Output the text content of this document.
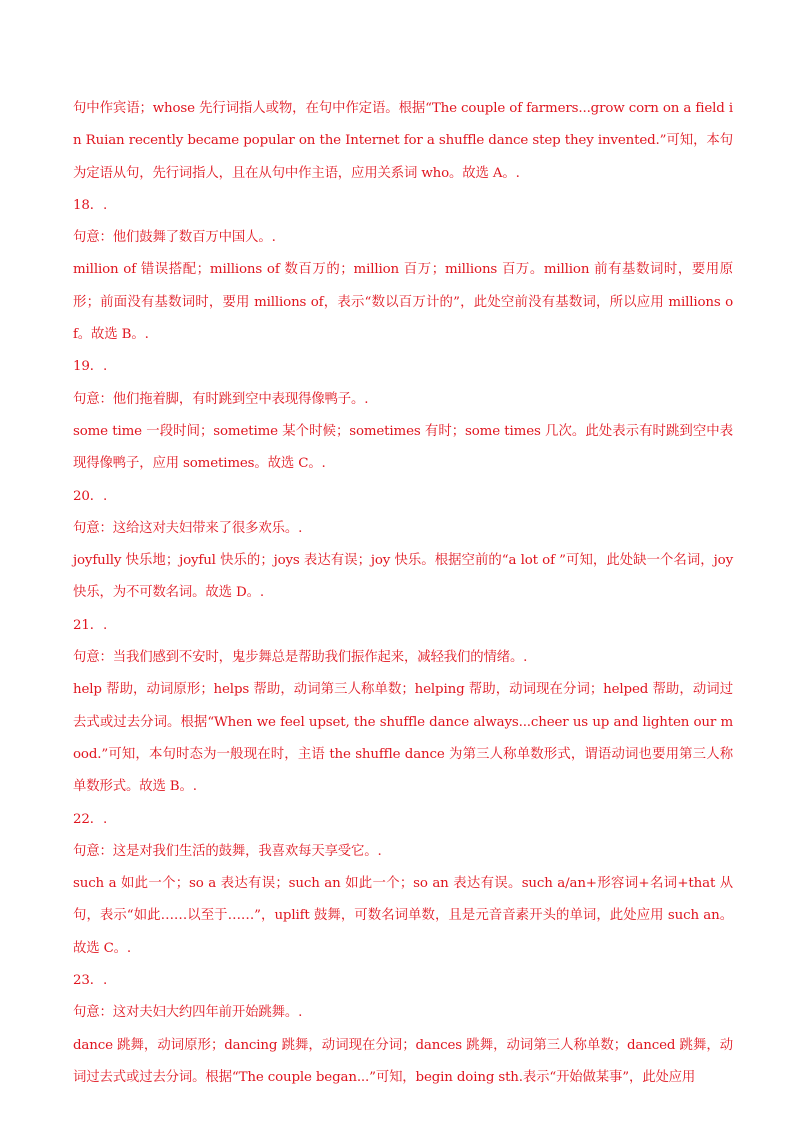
句中作宾语；whose 先行词指人或物，在句中作定语。根据“The couple of farmers...grow corn on a field in Ruian recently became popular on the Internet for a shuffle dance step they invented.”可知，本句为定语从句，先行词指人，且在从句中作主语，应用关系词 who。故选 A。.

18．.

句意：他们鼓舞了数百万中国人。.

million of 错误搭配；millions of 数百万的；million 百万；millions 百万。million 前有基数词时，要用原形；前面没有基数词时，要用 millions of，表示“数以百万计的”，此处空前没有基数词，所以应用 millions of。故选 B。.

19．.

句意：他们拖着脚，有时跳到空中表现得像鸭子。.

some time 一段时间；sometime 某个时候；sometimes 有时；some times 几次。此处表示有时跳到空中表现得像鸭子，应用 sometimes。故选 C。.

20．.

句意：这给这对夫妇带来了很多欢乐。.

joyfully 快乐地；joyful 快乐的；joys 表达有误；joy 快乐。根据空前的“a lot of ”可知，此处缺一个名词，joy 快乐，为不可数名词。故选 D。.

21．.

句意：当我们感到不安时，鬼步舞总是帮助我们振作起来，减轻我们的情绪。.

help 帮助，动词原形；helps 帮助，动词第三人称单数；helping 帮助，动词现在分词；helped 帮助，动词过去式或过去分词。根据“When we feel upset, the shuffle dance always...cheer us up and lighten our mood.”可知，本句时态为一般现在时，主语 the shuffle dance 为第三人称单数形式，谓语动词也要用第三人称单数形式。故选 B。.

22．.

句意：这是对我们生活的鼓舞，我喜欢每天享受它。.

such a 如此一个；so a 表达有误；such an 如此一个；so an 表达有误。such a/an+形容词+名词+that 从句，表示“如此……以至于……”，uplift 鼓舞，可数名词单数，且是元音音素开头的单词，此处应用 such an。故选 C。.

23．.

句意：这对夫妇大约四年前开始跳舞。.

dance 跳舞，动词原形；dancing 跳舞，动词现在分词；dances 跳舞，动词第三人称单数；danced 跳舞，动词过去式或过去分词。根据“The couple began...”可知，begin doing sth.表示“开始做某事”，此处应用
